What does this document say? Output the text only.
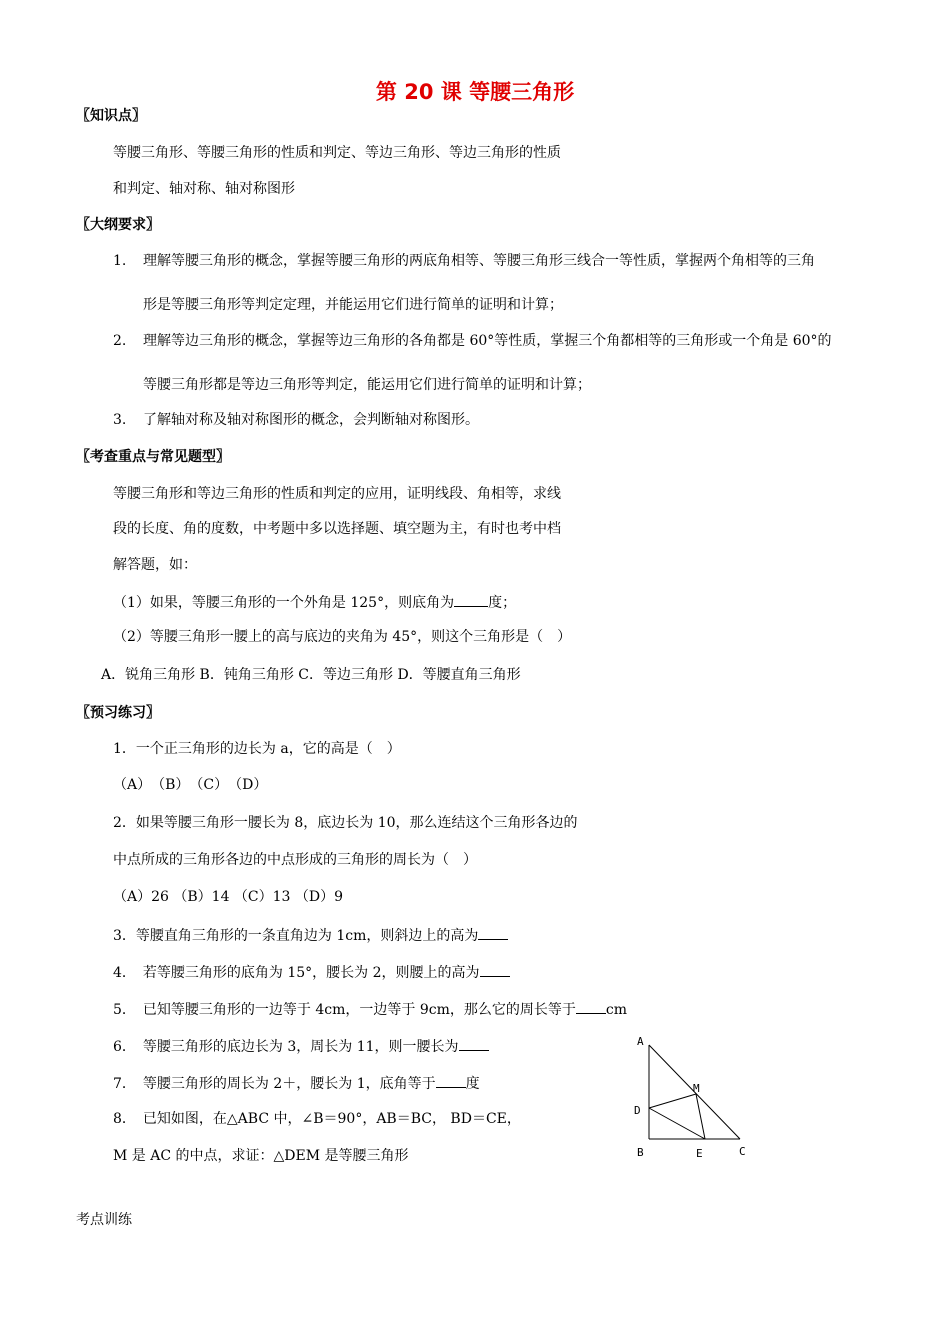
第 20 课 等腰三角形
〖知识点〗
等腰三角形、等腰三角形的性质和判定、等边三角形、等边三角形的性质
和判定、轴对称、轴对称图形
〖大纲要求〗
1. 理解等腰三角形的概念，掌握等腰三角形的两底角相等、等腰三角形三线合一等性质，掌握两个角相等的三角
形是等腰三角形等判定定理，并能运用它们进行简单的证明和计算；
2. 理解等边三角形的概念，掌握等边三角形的各角都是 60°等性质，掌握三个角都相等的三角形或一个角是 60°的
等腰三角形都是等边三角形等判定，能运用它们进行简单的证明和计算；
3. 了解轴对称及轴对称图形的概念，会判断轴对称图形。
〖考查重点与常见题型〗
等腰三角形和等边三角形的性质和判定的应用，证明线段、角相等，求线
段的长度、角的度数，中考题中多以选择题、填空题为主，有时也考中档
解答题，如：
（1）如果，等腰三角形的一个外角是 125°，则底角为 度；
（2）等腰三角形一腰上的高与底边的夹角为 45°，则这个三角形是（　）
A．锐角三角形 B．钝角三角形 C．等边三角形 D．等腰直角三角形
〖预习练习〗
1．一个正三角形的边长为 a，它的高是（　）
（A）　（B）　（C）　（D）
2．如果等腰三角形一腰长为 8，底边长为 10，那么连结这个三角形各边的
中点所成的三角形各边的中点形成的三角形的周长为（　）
（A）26 （B）14 （C）13 （D）9
3．等腰直角三角形的一条直角边为 1cm，则斜边上的高为
4．　若等腰三角形的底角为 15°，腰长为 2，则腰上的高为
5．　已知等腰三角形的一边等于 4cm，一边等于 9cm，那么它的周长等于 cm
6．　等腰三角形的底边长为 3，周长为 11，则一腰长为
7．　等腰三角形的周长为 2＋，腰长为 1，底角等于 度
8．　已知如图，在△ABC 中，∠B＝90°，AB＝BC， BD＝CE，
M 是 AC 的中点，求证：△DEM 是等腰三角形
A
D
M
B	E	C
考点训练
